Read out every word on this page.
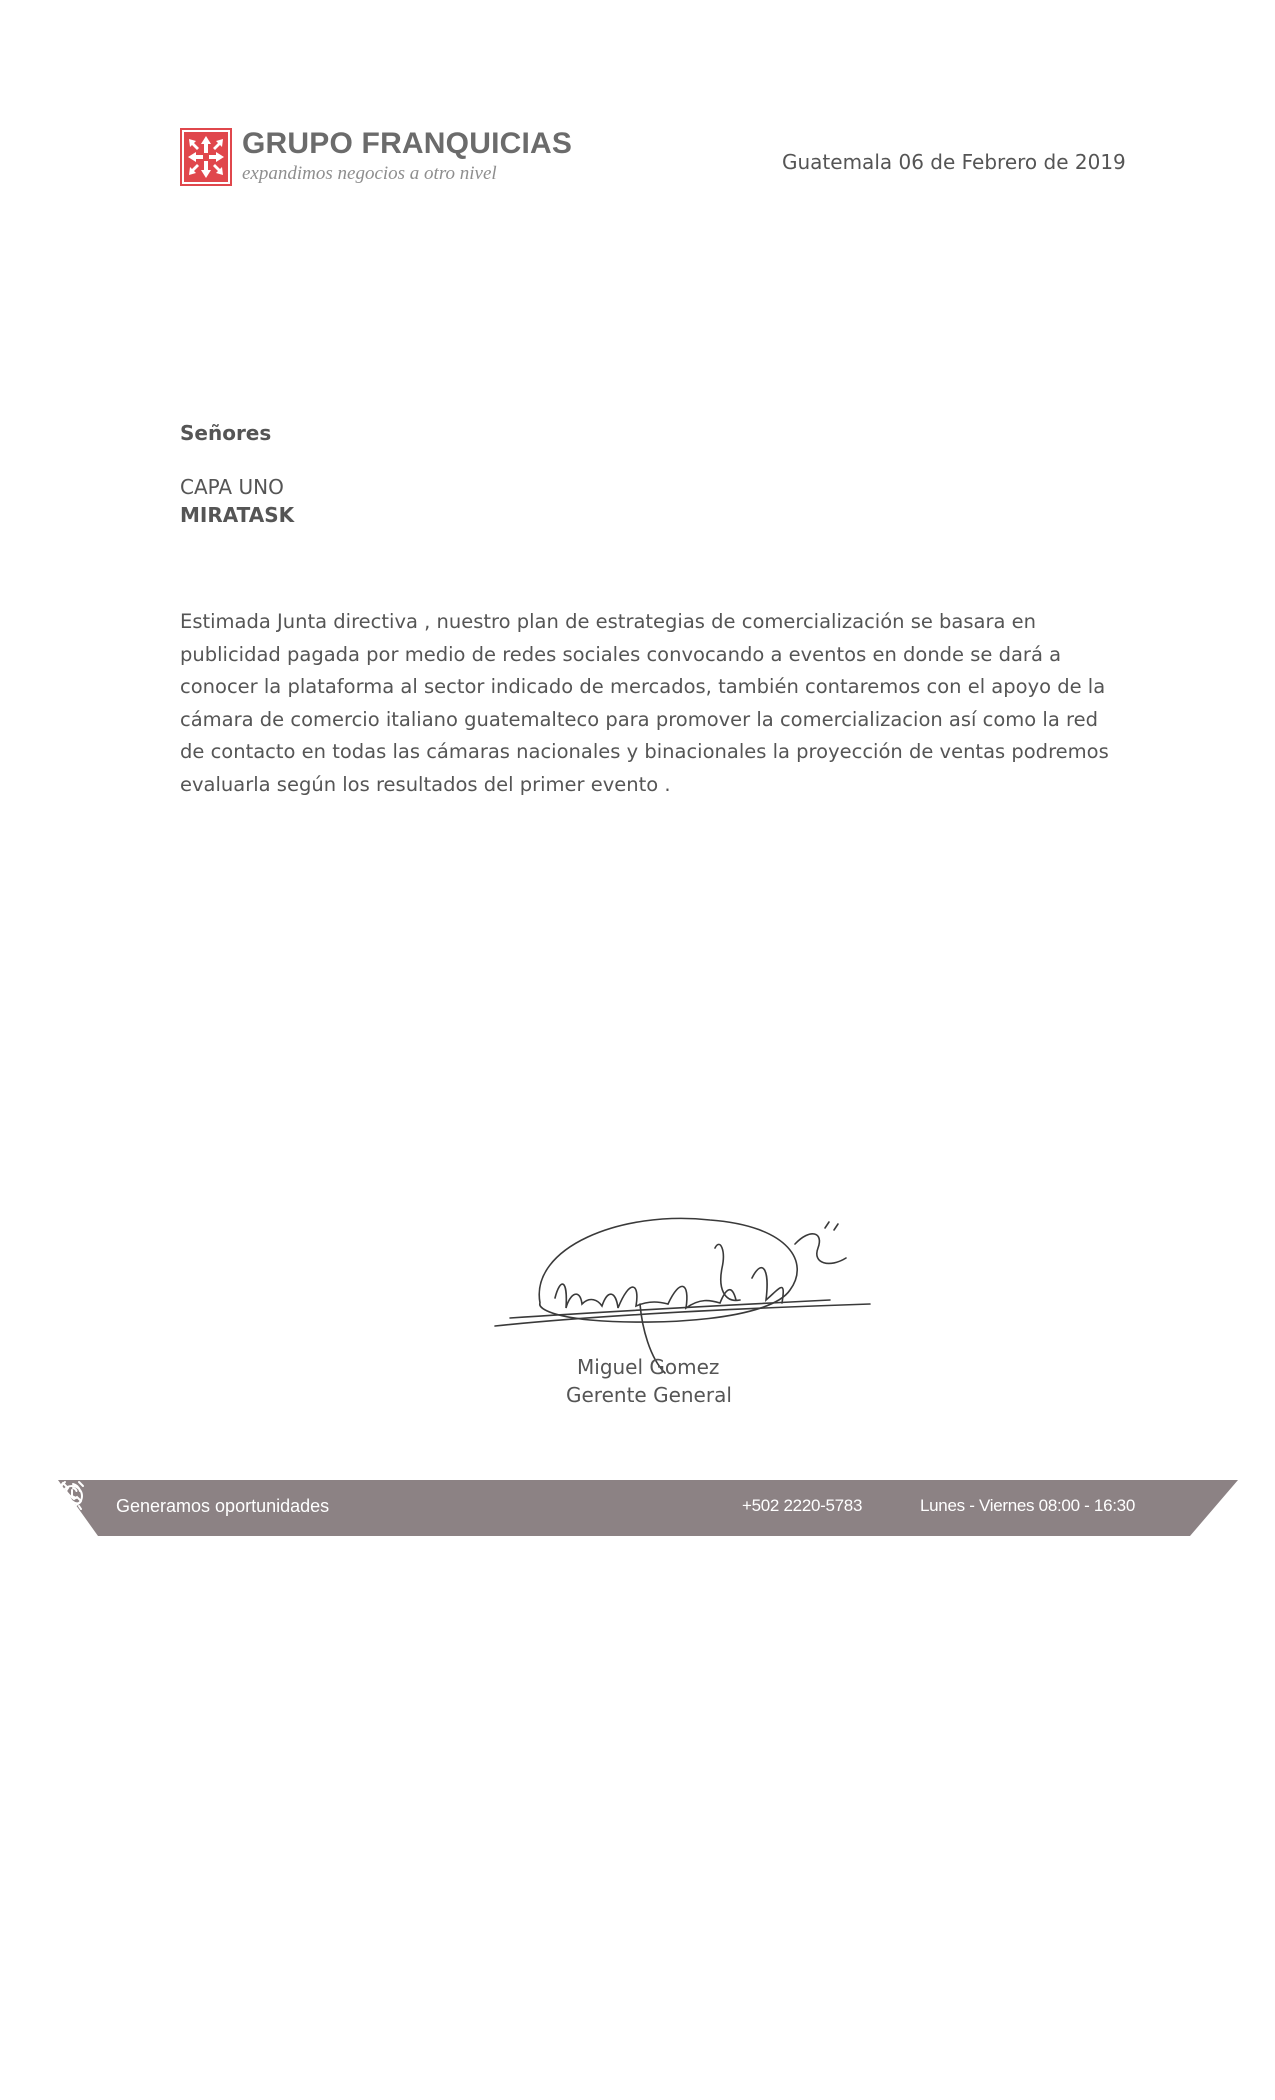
GRUPO FRANQUICIAS
expandimos negocios a otro nivel	Guatemala 06 de Febrero de 2019
Señores
CAPA UNO
MIRATASK
Estimada Junta directiva , nuestro plan de estrategias de comercialización se basara en publicidad pagada por medio de redes sociales convocando a eventos en donde se dará a conocer la plataforma al sector indicado de mercados, también contaremos con el apoyo de la cámara de comercio italiano guatemalteco para promover la comercializacion así como la red de contacto en todas las cámaras nacionales y binacionales la proyección de ventas podremos evaluarla según los resultados del primer evento .
Miguel Gomez
Gerente General
Generamos oportunidades	+502 2220-5783	Lunes - Viernes 08:00 - 16:30
